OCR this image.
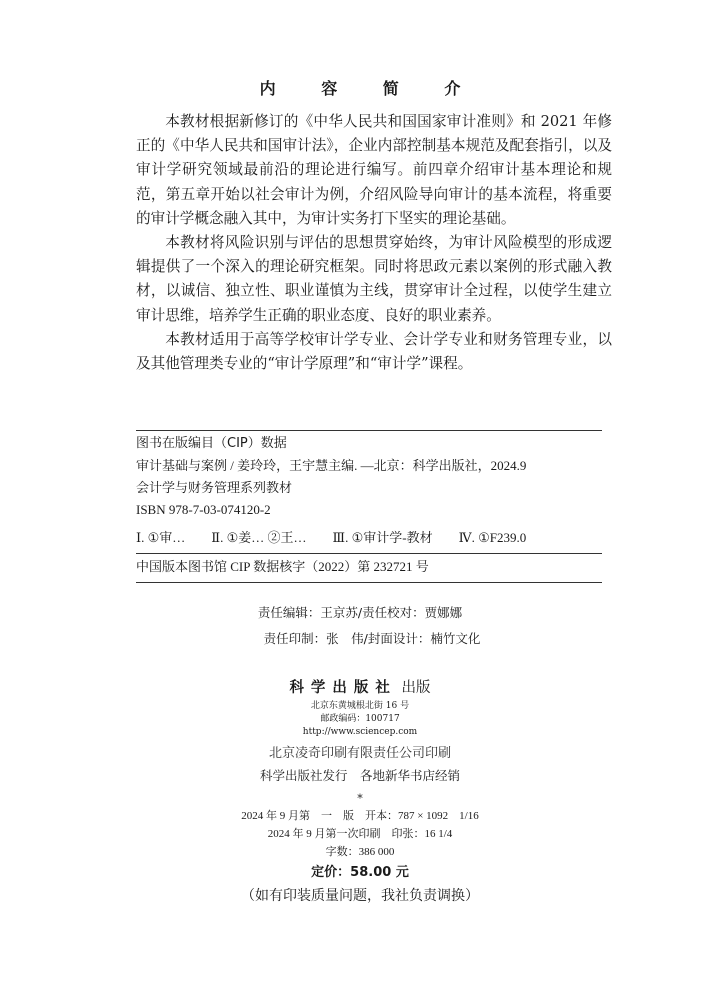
内 容 简 介

本教材根据新修订的《中华人民共和国国家审计准则》和 2021 年修正的《中华人民共和国审计法》，企业内部控制基本规范及配套指引，以及审计学研究领域最前沿的理论进行编写。前四章介绍审计基本理论和规范，第五章开始以社会审计为例，介绍风险导向审计的基本流程，将重要的审计学概念融入其中，为审计实务打下坚实的理论基础。

本教材将风险识别与评估的思想贯穿始终，为审计风险模型的形成逻辑提供了一个深入的理论研究框架。同时将思政元素以案例的形式融入教材，以诚信、独立性、职业谨慎为主线，贯穿审计全过程，以使学生建立审计思维，培养学生正确的职业态度、良好的职业素养。

本教材适用于高等学校审计学专业、会计学专业和财务管理专业，以及其他管理类专业的“审计学原理”和“审计学”课程。

图书在版编目（CIP）数据
审计基础与案例 / 姜玲玲，王宇慧主编. —北京：科学出版社，2024.9
会计学与财务管理系列教材
ISBN 978-7-03-074120-2
Ⅰ. ①审… Ⅱ. ①姜… ②王… Ⅲ. ①审计学-教材 Ⅳ. ①F239.0
中国版本图书馆 CIP 数据核字（2022）第 232721 号
责任编辑：王京苏/责任校对：贾娜娜
责任印制：张　伟/封面设计：楠竹文化
科学出版社 出版
北京东黄城根北街 16 号
邮政编码：100717
http://www.sciencep.com
北京凌奇印刷有限责任公司印刷
科学出版社发行　各地新华书店经销
*
2024 年 9 月第　一　版　开本：787 × 1092　1/16
2024 年 9 月第一次印刷　印张：16 1/4
字数：386 000
定价：58.00 元
（如有印装质量问题，我社负责调换）
